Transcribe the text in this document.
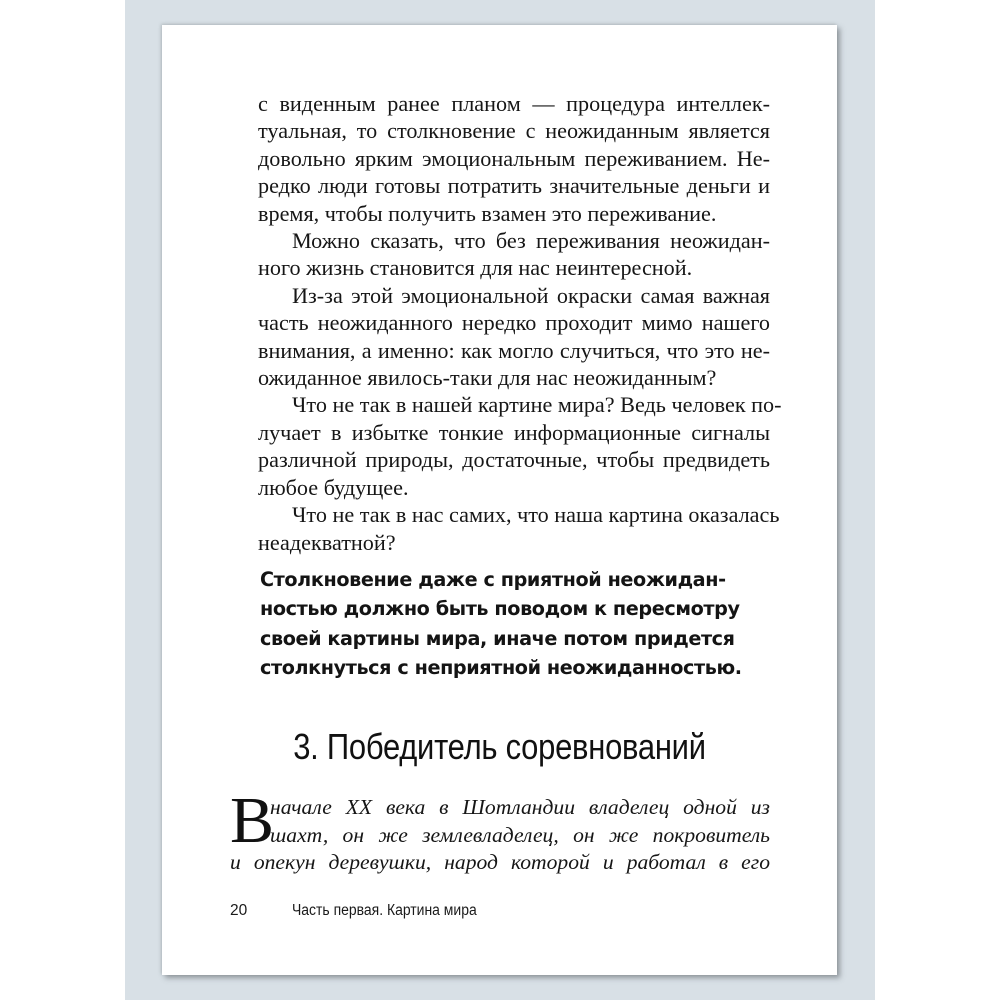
с виденным ранее планом — процедура интеллек-
туальная, то столкновение с неожиданным является
довольно ярким эмоциональным переживанием. Не-
редко люди готовы потратить значительные деньги и
время, чтобы получить взамен это переживание.

Можно сказать, что без переживания неожидан-
ного жизнь становится для нас неинтересной.

Из-за этой эмоциональной окраски самая важная
часть неожиданного нередко проходит мимо нашего
внимания, а именно: как могло случиться, что это не-
ожиданное явилось-таки для нас неожиданным?

Что не так в нашей картине мира? Ведь человек по-
лучает в избытке тонкие информационные сигналы
различной природы, достаточные, чтобы предвидеть
любое будущее.

Что не так в нас самих, что наша картина оказалась
неадекватной?

Столкновение даже с приятной неожидан-
ностью должно быть поводом к пересмотру
своей картины мира, иначе потом придется
столкнуться с неприятной неожиданностью.
3. Победитель соревнований
В
начале XX века в Шотландии владелец одной из
шахт, он же землевладелец, он же покровитель
и опекун деревушки, народ которой и работал в его
20	Часть первая. Картина мира
